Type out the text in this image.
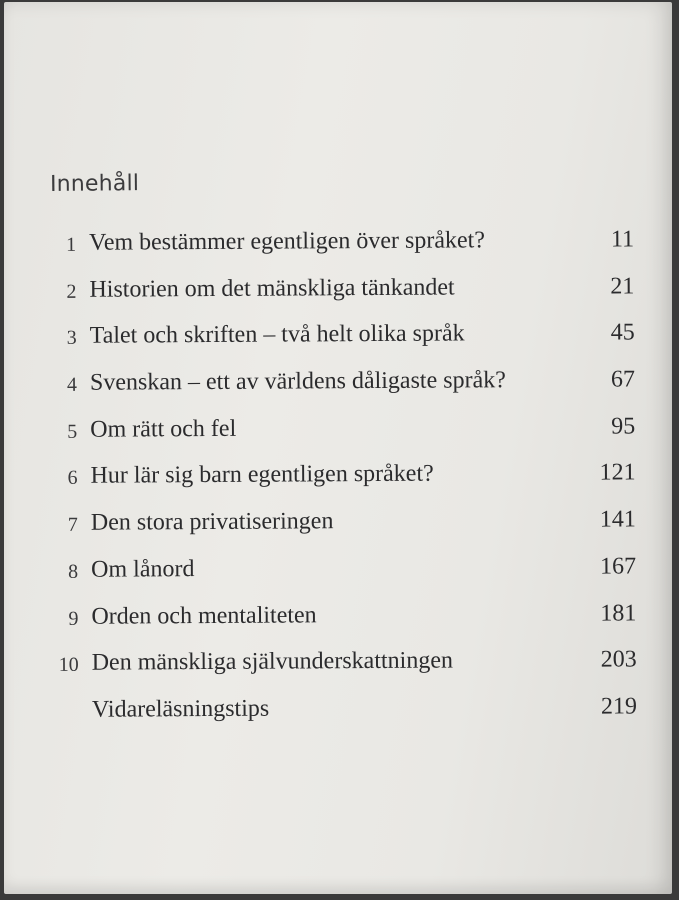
Innehåll
1 Vem bestämmer egentligen över språket?	11
2 Historien om det mänskliga tänkandet	21
3 Talet och skriften – två helt olika språk	45
4 Svenskan – ett av världens dåligaste språk?	67
5 Om rätt och fel	95
6 Hur lär sig barn egentligen språket?	121
7 Den stora privatiseringen	141
8 Om lånord	167
9 Orden och mentaliteten	181
10 Den mänskliga självunderskattningen	203
Vidareläsningstips	219
